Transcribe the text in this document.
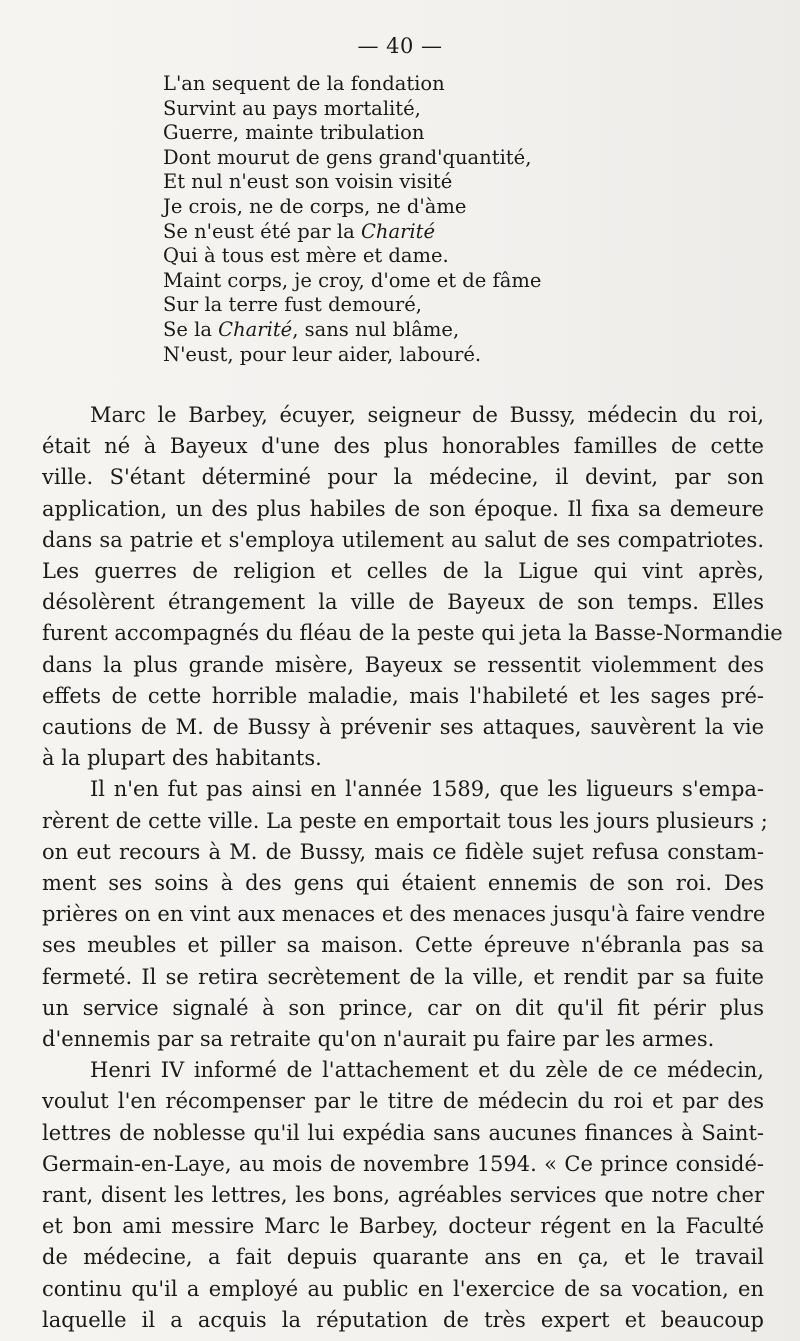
— 40 —
L'an sequent de la fondation
Survint au pays mortalité,
Guerre, mainte tribulation
Dont mourut de gens grand'quantité,
Et nul n'eust son voisin visité
Je crois, ne de corps, ne d'àme
Se n'eust été par la Charité
Qui à tous est mère et dame.
Maint corps, je croy, d'ome et de fâme
Sur la terre fust demouré,
Se la Charité, sans nul blâme,
N'eust, pour leur aider, labouré.
Marc le Barbey, écuyer, seigneur de Bussy, médecin du roi,
était né à Bayeux d'une des plus honorables familles de cette
ville. S'étant déterminé pour la médecine, il devint, par son
application, un des plus habiles de son époque. Il fixa sa demeure
dans sa patrie et s'employa utilement au salut de ses compatriotes.
Les guerres de religion et celles de la Ligue qui vint après,
désolèrent étrangement la ville de Bayeux de son temps. Elles
furent accompagnés du fléau de la peste qui jeta la Basse-Normandie
dans la plus grande misère, Bayeux se ressentit violemment des
effets de cette horrible maladie, mais l'habileté et les sages pré-
cautions de M. de Bussy à prévenir ses attaques, sauvèrent la vie
à la plupart des habitants.
Il n'en fut pas ainsi en l'année 1589, que les ligueurs s'empa-
rèrent de cette ville. La peste en emportait tous les jours plusieurs ;
on eut recours à M. de Bussy, mais ce fidèle sujet refusa constam-
ment ses soins à des gens qui étaient ennemis de son roi. Des
prières on en vint aux menaces et des menaces jusqu'à faire vendre
ses meubles et piller sa maison. Cette épreuve n'ébranla pas sa
fermeté. Il se retira secrètement de la ville, et rendit par sa fuite
un service signalé à son prince, car on dit qu'il fit périr plus
d'ennemis par sa retraite qu'on n'aurait pu faire par les armes.
Henri IV informé de l'attachement et du zèle de ce médecin,
voulut l'en récompenser par le titre de médecin du roi et par des
lettres de noblesse qu'il lui expédia sans aucunes finances à Saint-
Germain-en-Laye, au mois de novembre 1594. « Ce prince considé-
rant, disent les lettres, les bons, agréables services que notre cher
et bon ami messire Marc le Barbey, docteur régent en la Faculté
de médecine, a fait depuis quarante ans en ça, et le travail
continu qu'il a employé au public en l'exercice de sa vocation, en
laquelle il a acquis la réputation de très expert et beaucoup
